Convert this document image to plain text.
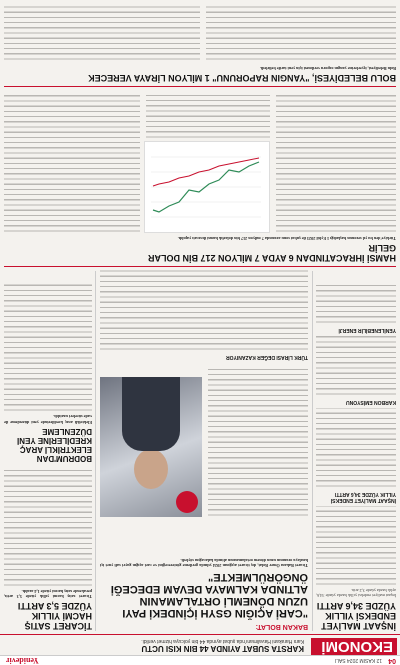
04
12 KASIM 2024 SALI
Yenidevir
EKONOMİ
KARSTA SUBAT AYINDA 44 BIN KISI UCTU
Kars Harakani Havalimanı'nda şubat ayında 44 bin yolcuya hizmet verildi.
İNŞAAT MALİYET ENDEKSİ YILLIK YÜZDE 34,6 ARTTI
İnşaat maliyet endeksi yıllık bazda yüzde 34,6, aylık bazda yüzde 3,2 arttı.
İNŞAAT MALİYET ENDEKSİ YILLIK YÜZDE 34,6 ARTTI
KARBON EMİSYONU
YENİLENEBİLİR ENERJİ
BAKAN BOLAT:
"CARİ AÇIĞIN GSYH İÇİNDEKİ PAYI UZUN DÖNEMLİ ORTALAMANIN ALTINDA KALMAYA DEVAM EDECEĞİ ÖNGÖRÜLMEKTE"
Ticaret Bakanı Ömer Bolat, dış ticaret açığının 2024 yılında gerileme göstereceğini ve cari açığın gayri safi yurt içi hasılaya oranının uzun dönem ortalamasının altında kalacağını söyledi.
TÜRK LİRASI DEĞER KAZANIYOR
TİCARET SATIŞ HACMİ YILLIK YÜZDE 5,3 ARTTI
Ticaret satış hacmi yıllık yüzde 5,3 arttı, perakende satış hacmi yüzde 1,4 azaldı.
BODRUM'DAN ELEKTRİKLİ ARAÇ KREDİLERİNE YENİ DÜZENLEME
Elektrikli araç kredilerinde yeni düzenleme ile vade süreleri uzatıldı.
HAMSİ İHRACATINDAN 6 AYDA 7 MİLYON 217 BİN DOLAR GELİR
Türkiye'den bu yıl sezonun başladığı 1 Eylül 2023 ile şubat sonu arasında 7 milyon 217 bin dolarlık hamsi ihracatı yapıldı.
BOLU BELEDİYESİ, "YANGIN RAPORUNU" 1 MİLYON LİRAYA VERECEK
Bolu Belediyesi, işyerlerine yangın raporu verilmesi için yeni tarife belirledi.
